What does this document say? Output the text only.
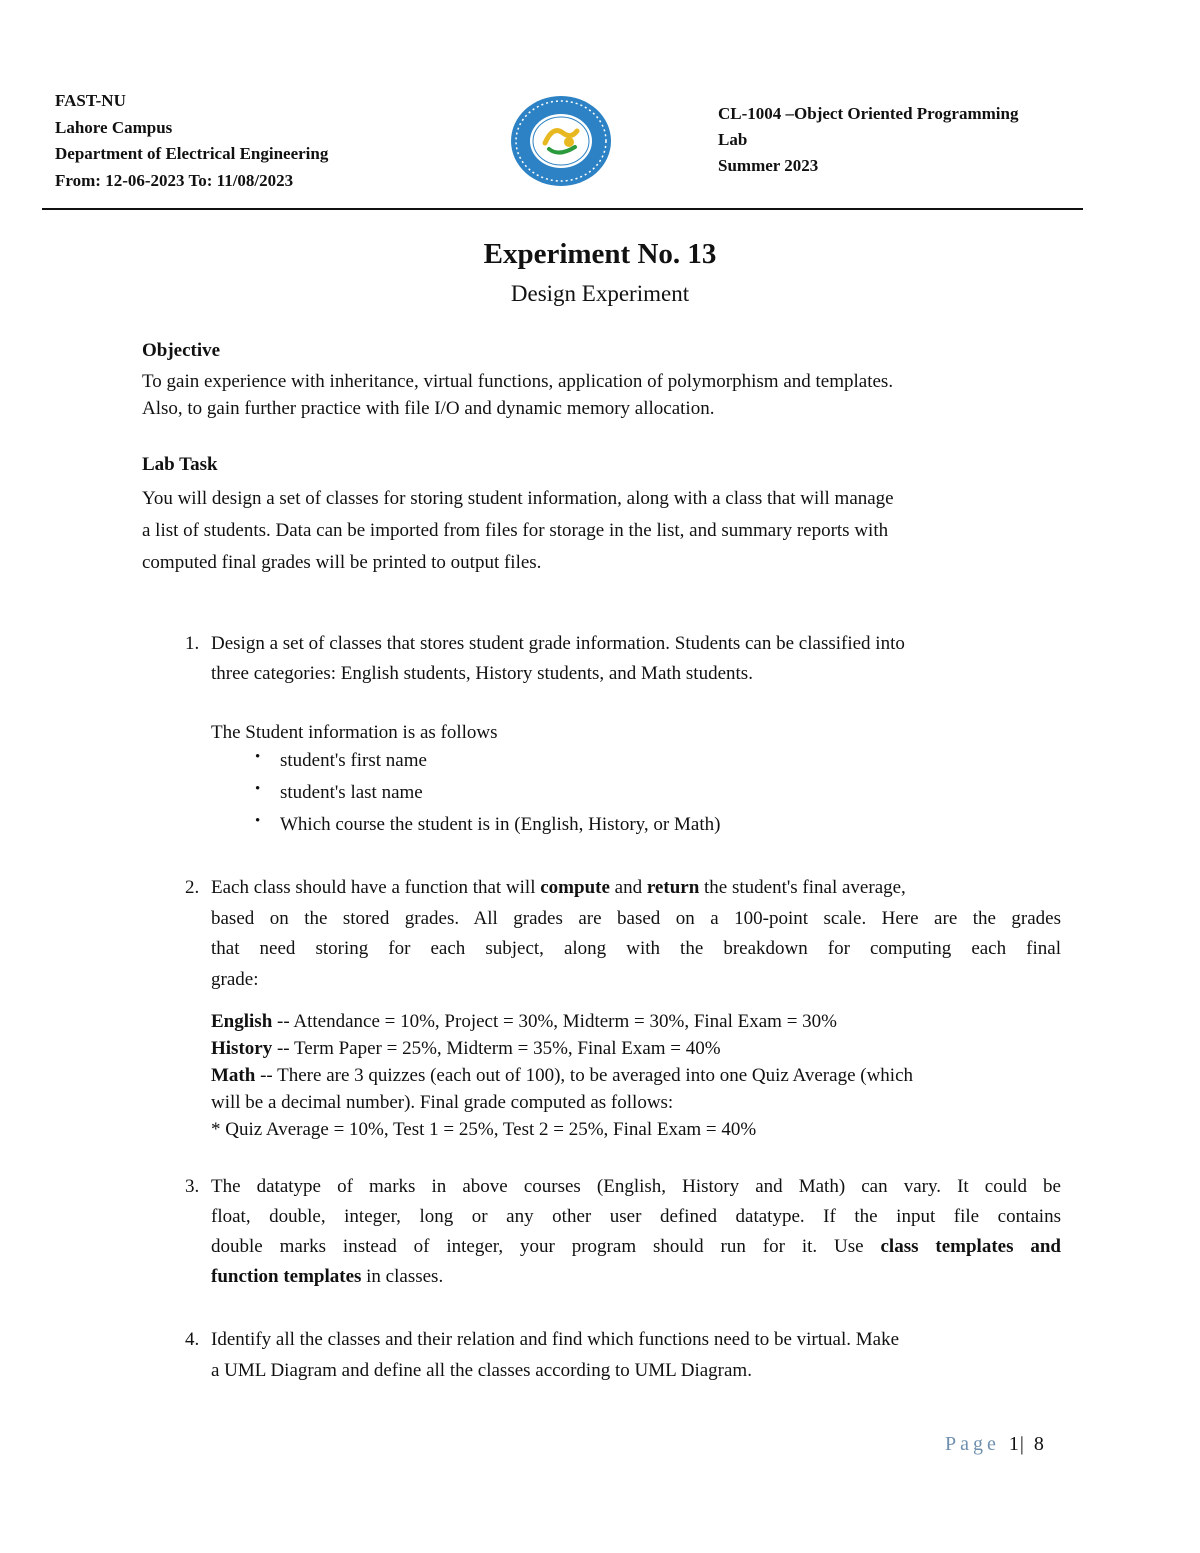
FAST-NU
Lahore Campus
Department of Electrical Engineering
From: 12-06-2023 To: 11/08/2023
CL-1004 –Object Oriented Programming
Lab
Summer 2023
Experiment No. 13
Design Experiment
Objective
To gain experience with inheritance, virtual functions, application of polymorphism and templates.
Also, to gain further practice with file I/O and dynamic memory allocation.
Lab Task
You will design a set of classes for storing student information, along with a class that will manage
a list of students. Data can be imported from files for storage in the list, and summary reports with
computed final grades will be printed to output files.
1. Design a set of classes that stores student grade information. Students can be classified into
three categories: English students, History students, and Math students.
The Student information is as follows
• student's first name
• student's last name
• Which course the student is in (English, History, or Math)
2. Each class should have a function that will compute and return the student's final average,
based on the stored grades. All grades are based on a 100-point scale. Here are the grades
that need storing for each subject, along with the breakdown for computing each final
grade:
English -- Attendance = 10%, Project = 30%, Midterm = 30%, Final Exam = 30%
History -- Term Paper = 25%, Midterm = 35%, Final Exam = 40%
Math -- There are 3 quizzes (each out of 100), to be averaged into one Quiz Average (which
will be a decimal number). Final grade computed as follows:
* Quiz Average = 10%, Test 1 = 25%, Test 2 = 25%, Final Exam = 40%
3. The datatype of marks in above courses (English, History and Math) can vary. It could be
float, double, integer, long or any other user defined datatype. If the input file contains
double marks instead of integer, your program should run for it. Use class templates and
function templates in classes.
4. Identify all the classes and their relation and find which functions need to be virtual. Make
a UML Diagram and define all the classes according to UML Diagram.
Page 1| 8
